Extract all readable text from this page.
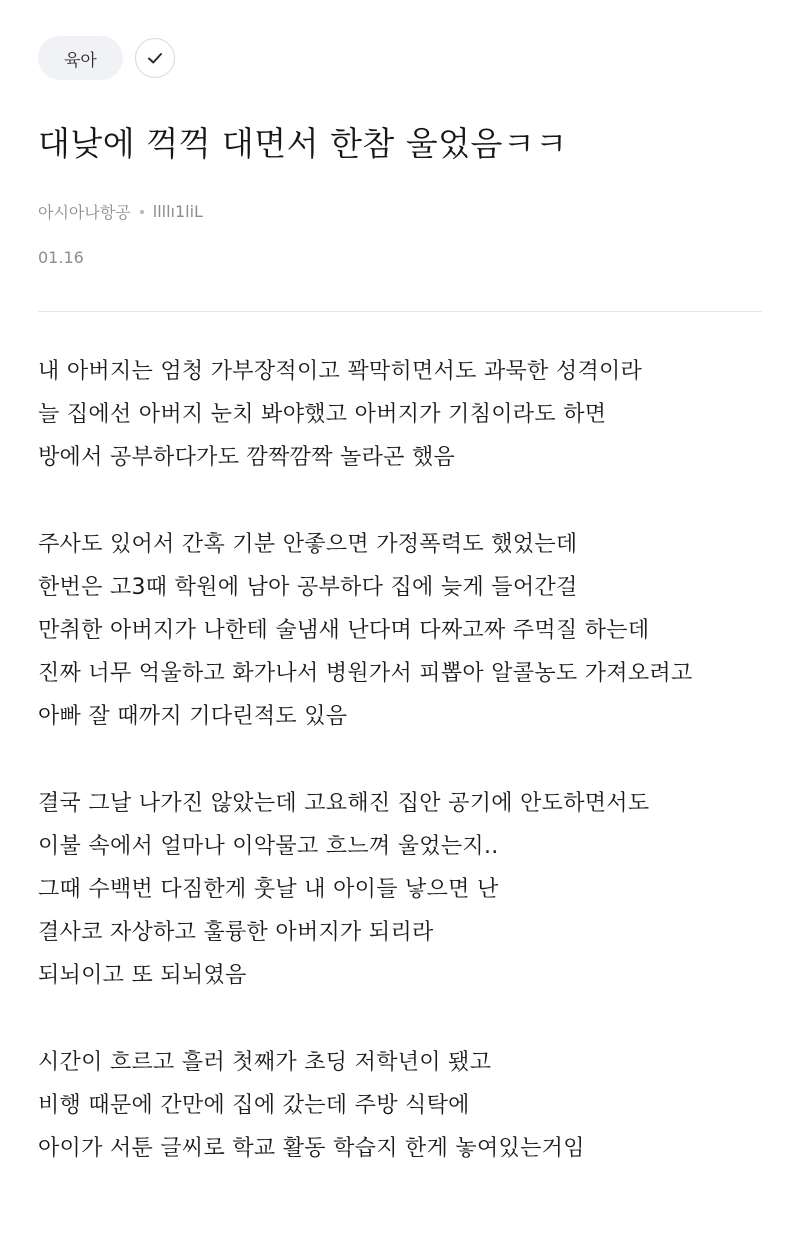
육아
대낮에 꺽꺽 대면서 한참 울었음ㅋㅋ
아시아나항공 llllı1liL
01.16
내 아버지는 엄청 가부장적이고 꽉막히면서도 과묵한 성격이라
늘 집에선 아버지 눈치 봐야했고 아버지가 기침이라도 하면
방에서 공부하다가도 깜짝깜짝 놀라곤 했음
주사도 있어서 간혹 기분 안좋으면 가정폭력도 했었는데
한번은 고3때 학원에 남아 공부하다 집에 늦게 들어간걸
만취한 아버지가 나한테 술냄새 난다며 다짜고짜 주먹질 하는데
진짜 너무 억울하고 화가나서 병원가서 피뽑아 알콜농도 가져오려고
아빠 잘 때까지 기다린적도 있음
결국 그날 나가진 않았는데 고요해진 집안 공기에 안도하면서도
이불 속에서 얼마나 이악물고 흐느껴 울었는지..
그때 수백번 다짐한게 훗날 내 아이들 낳으면 난
결사코 자상하고 훌륭한 아버지가 되리라
되뇌이고 또 되뇌였음
시간이 흐르고 흘러 첫째가 초딩 저학년이 됐고
비행 때문에 간만에 집에 갔는데 주방 식탁에
아이가 서툰 글씨로 학교 활동 학습지 한게 놓여있는거임
